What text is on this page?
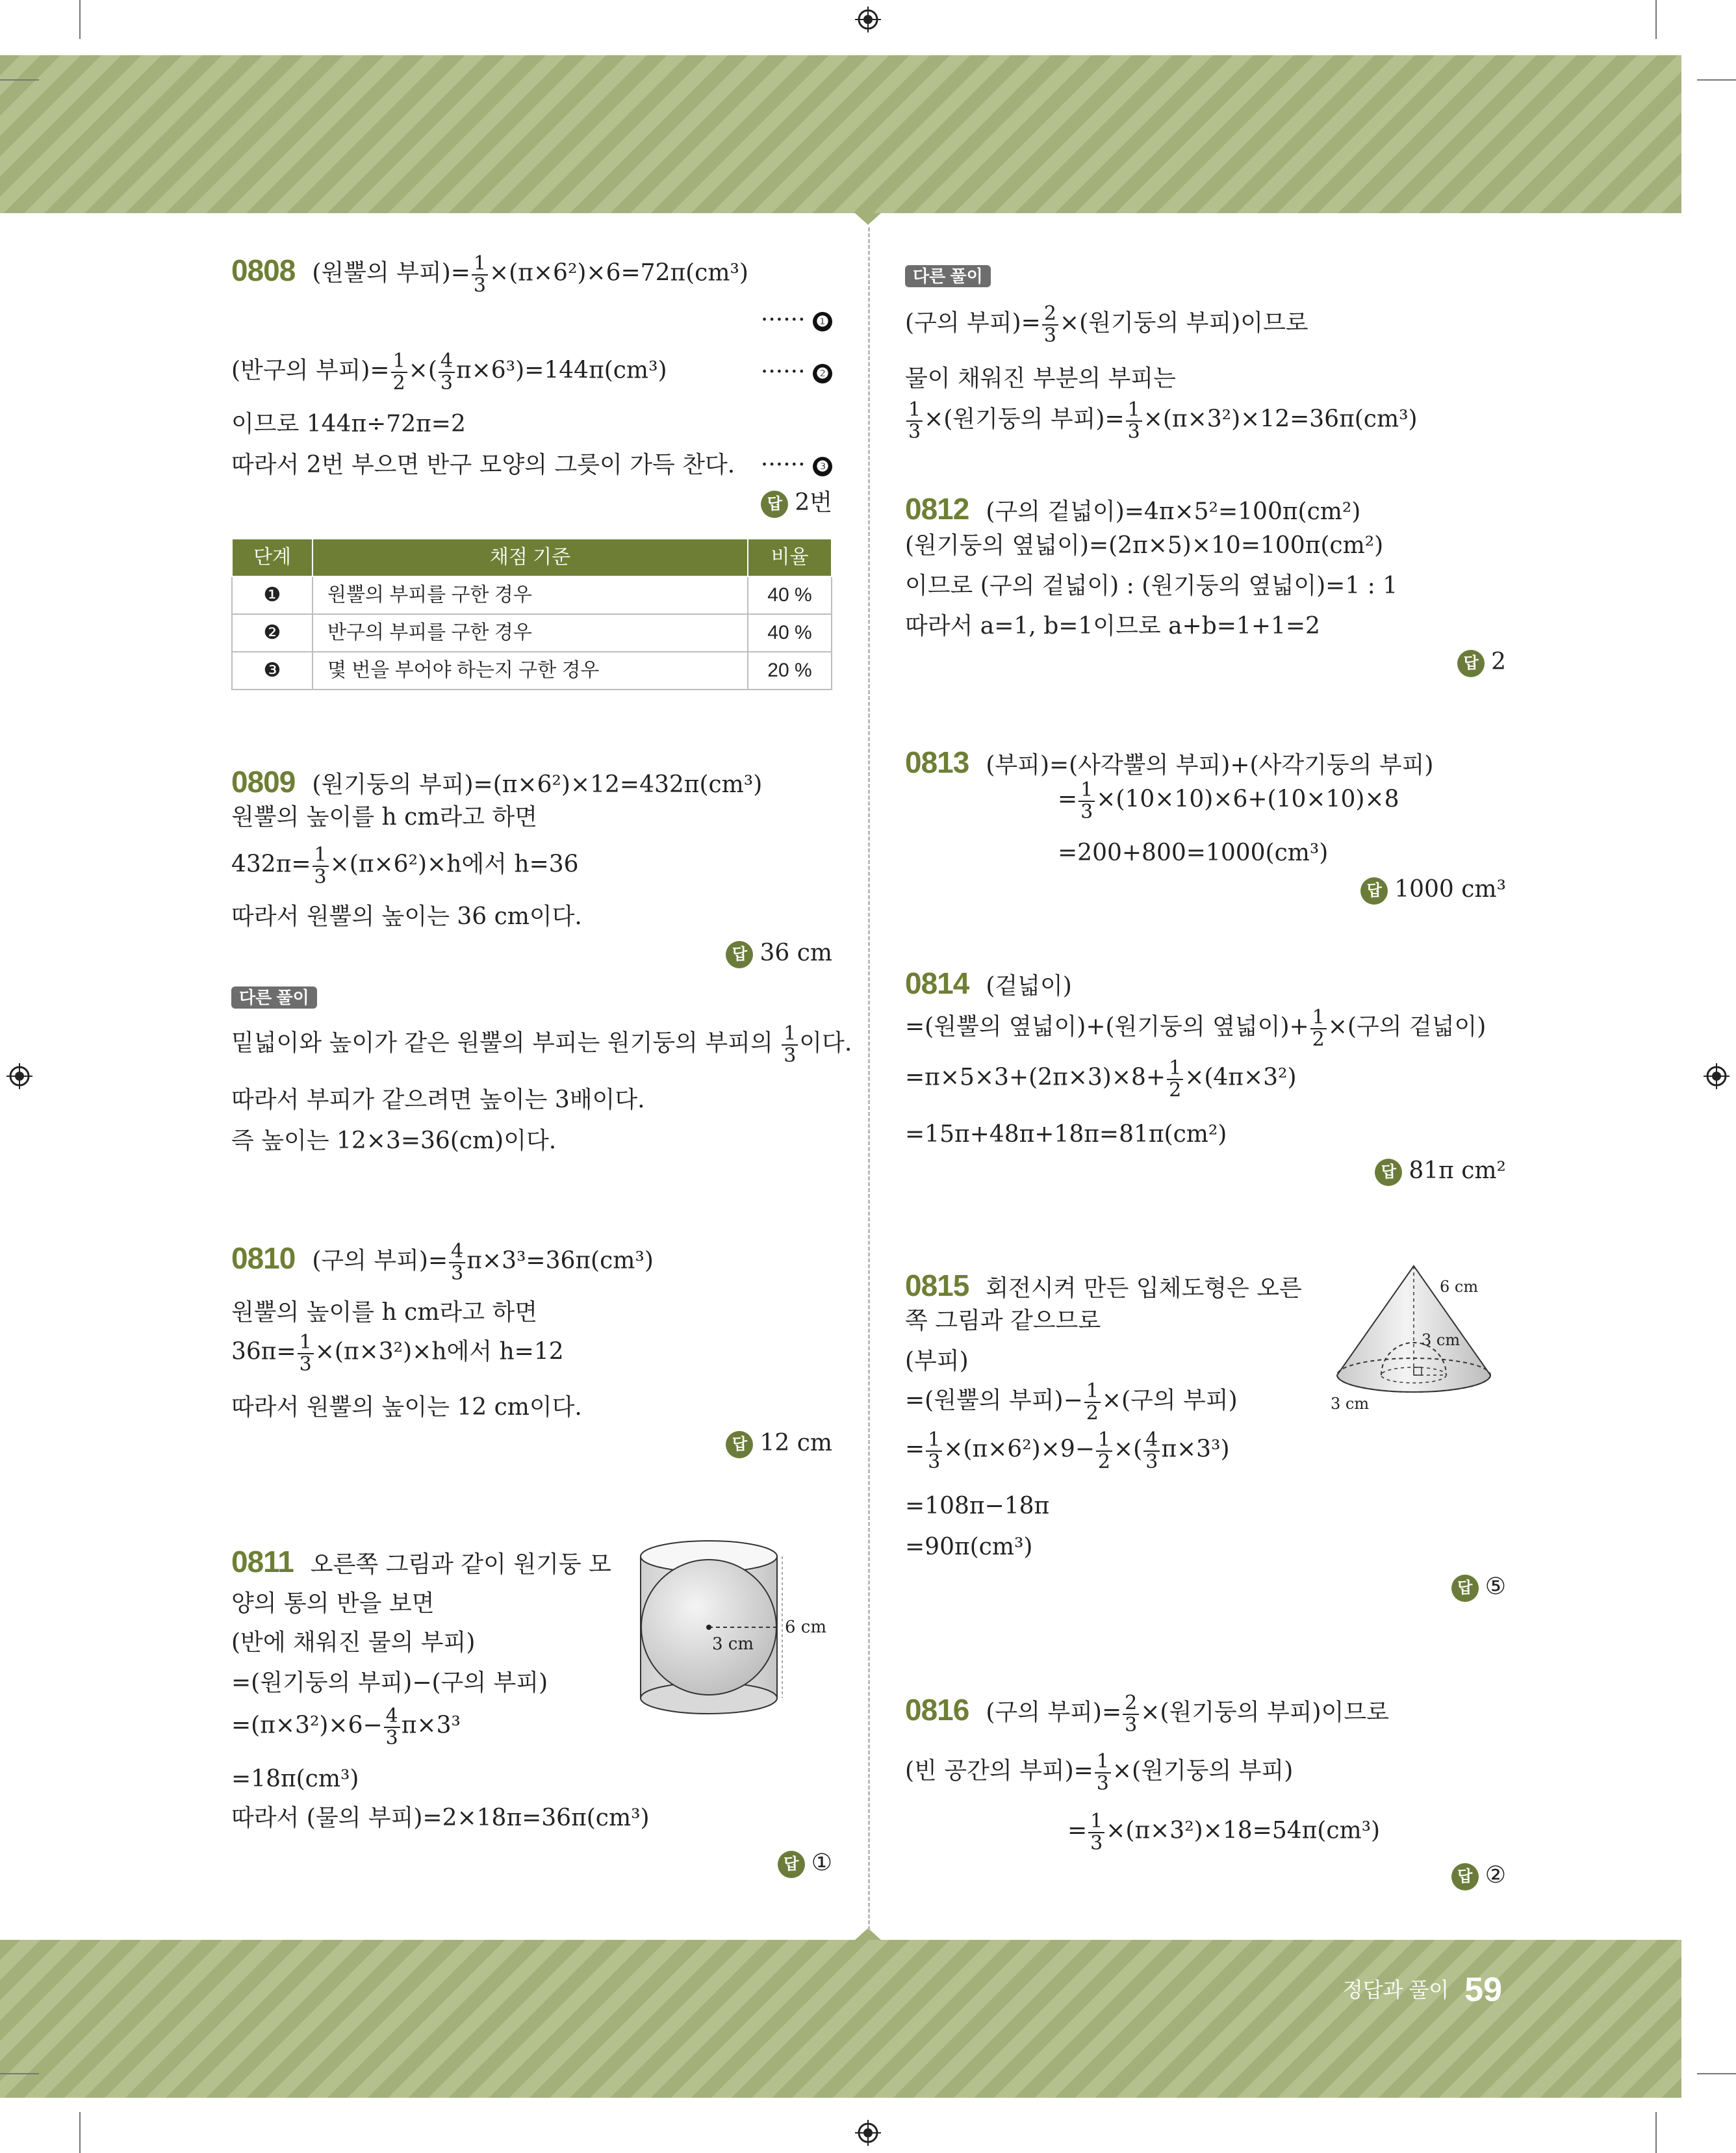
0808 (원뿔의 부피)= $\frac{1}{3} \times(\pi\times 6^2)\times 6=72\pi(cm^3)$
······ ❶
(반구의 부피)= $\frac{1}{2}$ ×( $\frac{4}{3} \pi\times 6^3)=144\pi(cm^3)$	······ ❷
이므로 144π÷72π=2
따라서 2번 부으면 반구 모양의 그릇이 가득 찬다. ······ ❸
답 2번
단계	채점 기준	비율
❶	원뿔의 부피를 구한 경우	40 %
❷	반구의 부피를 구한 경우	40 %
❸	몇 번을 부어야 하는지 구한 경우	20 %
0809 (원기둥의 부피)=(π×6²)×12=432π(cm³)
원뿔의 높이를 h cm라고 하면
$432\pi= \frac{1}{3} \times(\pi\times 6^2)\times h$에서 h=36
따라서 원뿔의 높이는 36 cm이다.
답 36 cm
다른 풀이
밑넓이와 높이가 같은 원뿔의 부피는 원기둥의 부피의 $\frac{1}{3}$ 이다.
따라서 부피가 같으려면 높이는 3배이다.
즉 높이는 12×3=36(cm)이다.
0810 (구의 부피)= $\frac{4}{3} \pi\times 3^3=36\pi(cm^3)$
원뿔의 높이를 h cm라고 하면
$36\pi= \frac{1}{3} \times(\pi\times 3^2)\times h$에서 h=12
따라서 원뿔의 높이는 12 cm이다.
답 12 cm
0811 오른쪽 그림과 같이 원기둥 모
양의 통의 반을 보면
(반에 채워진 물의 부피)
=(원기둥의 부피)−(구의 부피)
$=(\pi\times 3^2)\times 6- \frac{4}{3} \pi\times 3^3$
=18π(cm³)
따라서 (물의 부피)=2×18π=36π(cm³)
답 ①
3 cm
6 cm
다른 풀이
(구의 부피)= $\frac{2}{3}$ ×(원기둥의 부피)이므로
물이 채워진 부분의 부피는
$\frac{1}{3}$ ×(원기둥의 부피)= $\frac{1}{3} \times(\pi\times 3^2)\times 12=36\pi(cm^3)$
0812 (구의 겉넓이)=4π×5²=100π(cm²)
(원기둥의 옆넓이)=(2π×5)×10=100π(cm²)
이므로 (구의 겉넓이) : (원기둥의 옆넓이)=1 : 1
따라서 a=1, b=1이므로 a+b=1+1=2
답 2
0813 (부피)=(사각뿔의 부피)+(사각기둥의 부피)
= $\frac{1}{3} \times(10\times 10)\times 6+(10\times 10)\times 8$
=200+800=1000(cm³)
답 1000 cm³
0814 (겉넓이)
=(원뿔의 옆넓이)+(원기둥의 옆넓이)+ $\frac{1}{2}$ ×(구의 겉넓이)
$=\pi\times 5\times 3+(2\pi\times 3)\times 8+ \frac{1}{2} \times(4\pi\times 3^2)$
=15π+48π+18π=81π(cm²)
답 81π cm²
0815 회전시켜 만든 입체도형은 오른
쪽 그림과 같으므로
(부피)
=(원뿔의 부피)− $\frac{1}{2}$ ×(구의 부피)
= $\frac{1}{3} \times(\pi\times 6^2)\times 9- \frac{1}{2}$ ×( $\frac{4}{3} \pi\times 3^3$)
=108π−18π
=90π(cm³)
답 ⑤
6 cm
3 cm
3 cm
0816 (구의 부피)= $\frac{2}{3}$ ×(원기둥의 부피)이므로
(빈 공간의 부피)= $\frac{1}{3}$ ×(원기둥의 부피)
= $\frac{1}{3} \times(\pi\times 3^2)\times 18=54\pi(cm^3)$
답 ②
정답과 풀이 59
